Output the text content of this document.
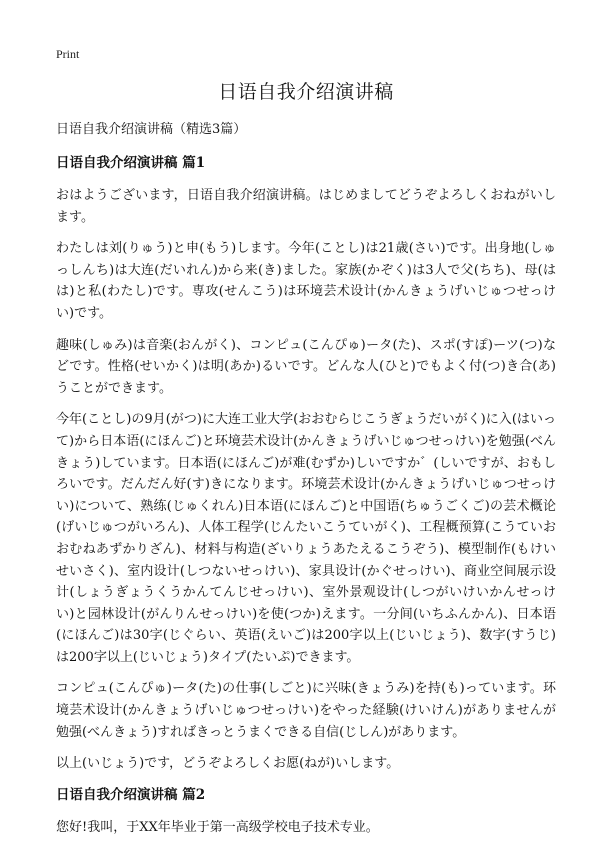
Print
日语自我介绍演讲稿

日语自我介绍演讲稿（精选3篇）

日语自我介绍演讲稿 篇1

おはようございます，日语自我介绍演讲稿。はじめましてどうぞよろしくおねがいします。

わたしは刘(りゅう)と申(もう)します。今年(ことし)は21歳(さい)です。出身地(しゅっしんち)は大连(だいれん)から来(き)ました。家族(かぞく)は3人で父(ちち)、母(はは)と私(わたし)です。専攻(せんこう)は环境芸术设计(かんきょうげいじゅつせっけい)です。

趣味(しゅみ)は音楽(おんがく)、コンピュ(こんぴゅ)ータ(た)、スポ(すぽ)ーツ(つ)などです。性格(せいかく)は明(あか)るいです。どんな人(ひと)でもよく付(つ)き合(あ)うことができます。

今年(ことし)の9月(がつ)に大连工业大学(おおむらじこうぎょうだいがく)に入(はいって)から日本语(にほんご)と环境芸术设计(かんきょうげいじゅつせっけい)を勉强(べんきょう)しています。日本语(にほんご)が难(むずか)しいですか゛(しいですが、おもしろいです。だんだん好(す)きになります。环境芸术设计(かんきょうげいじゅつせっけい)について、熟练(じゅくれん)日本语(にほんご)と中国语(ちゅうごくご)の芸术概论(げいじゅつがいろん)、人体工程学(じんたいこうていがく)、工程概预算(こうていおおむねあずかりざん)、材料与构造(ざいりょうあたえるこうぞう)、模型制作(もけいせいさく)、室内设计(しつないせっけい)、家具设计(かぐせっけい)、商业空间展示设计(しょうぎょうくうかんてんじせっけい)、室外景观设计(しつがいけいかんせっけい)と园林设计(がんりんせっけい)を使(つか)えます。一分间(いちふんかん)、日本语(にほんご)は30字(じぐらい、英语(えいご)は200字以上(じいじょう)、数字(すうじ)は200字以上(じいじょう)タイプ(たいぷ)できます。

コンピュ(こんぴゅ)ータ(た)の仕事(しごと)に兴味(きょうみ)を持(も)っています。环境芸术设计(かんきょうげいじゅつせっけい)をやった経験(けいけん)がありませんが勉强(べんきょう)すればきっとうまくできる自信(じしん)があります。

以上(いじょう)です，どうぞよろしくお愿(ねが)いします。

日语自我介绍演讲稿 篇2

您好!我叫，于XX年毕业于第一高级学校电子技术专业。
